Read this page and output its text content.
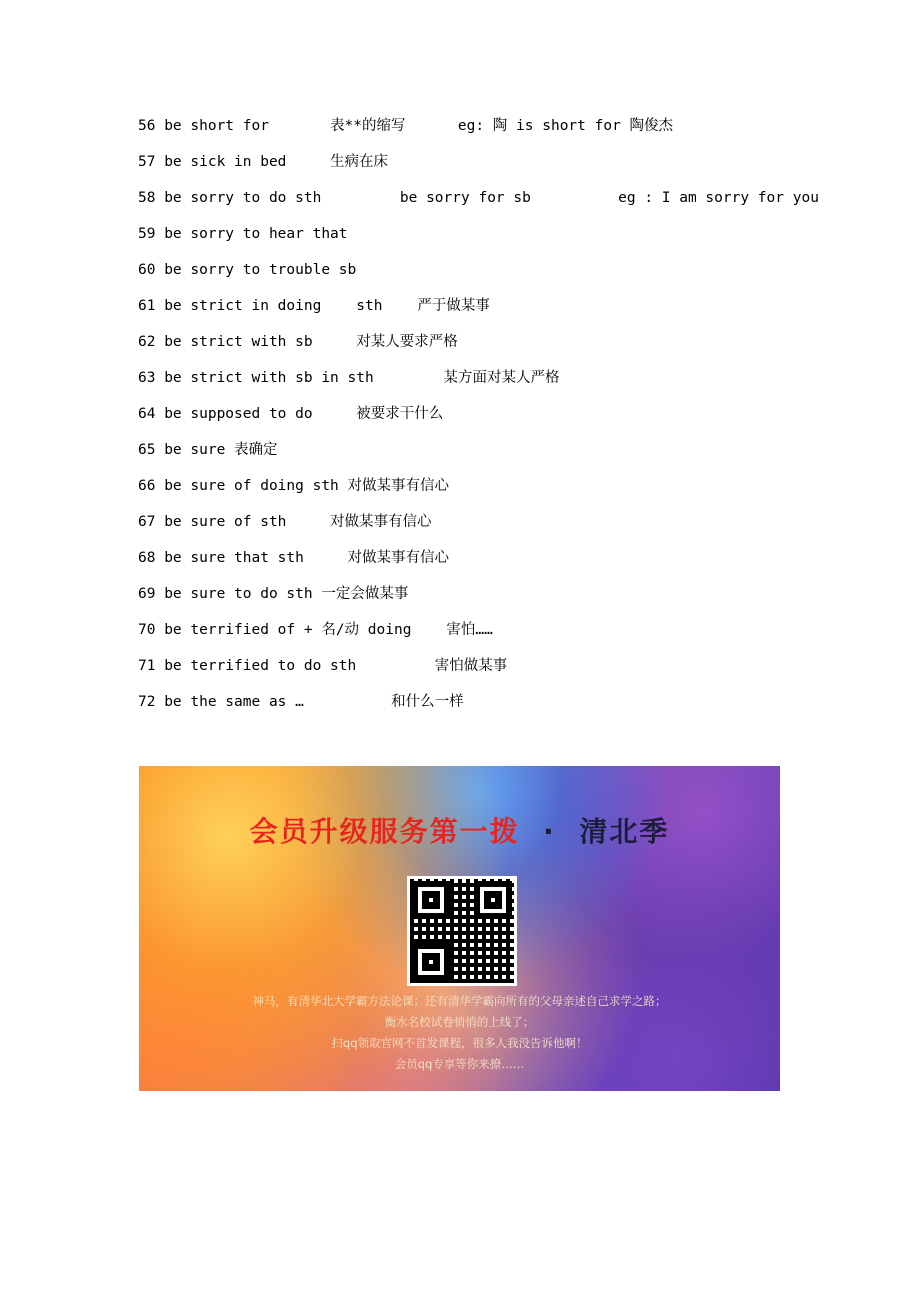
56 be short for       表**的缩写      eg: 陶 is short for 陶俊杰
57 be sick in bed     生病在床
58 be sorry to do sth         be sorry for sb          eg : I am sorry for you
59 be sorry to hear that
60 be sorry to trouble sb
61 be strict in doing    sth    严于做某事
62 be strict with sb     对某人要求严格
63 be strict with sb in sth        某方面对某人严格
64 be supposed to do     被要求干什么
65 be sure 表确定
66 be sure of doing sth 对做某事有信心
67 be sure of sth     对做某事有信心
68 be sure that sth     对做某事有信心
69 be sure to do sth 一定会做某事
70 be terrified of + 名/动 doing    害怕……
71 be terrified to do sth         害怕做某事
72 be the same as …          和什么一样
会员升级服务第一拨  ·  清北季
神马，有清华北大学霸方法论课；还有清华学霸向所有的父母亲述自己求学之路；
衡水名校试卷悄悄的上线了；
扫qq领取官网不首发课程，很多人我没告诉他啊！
会员qq专享等你来撩……
